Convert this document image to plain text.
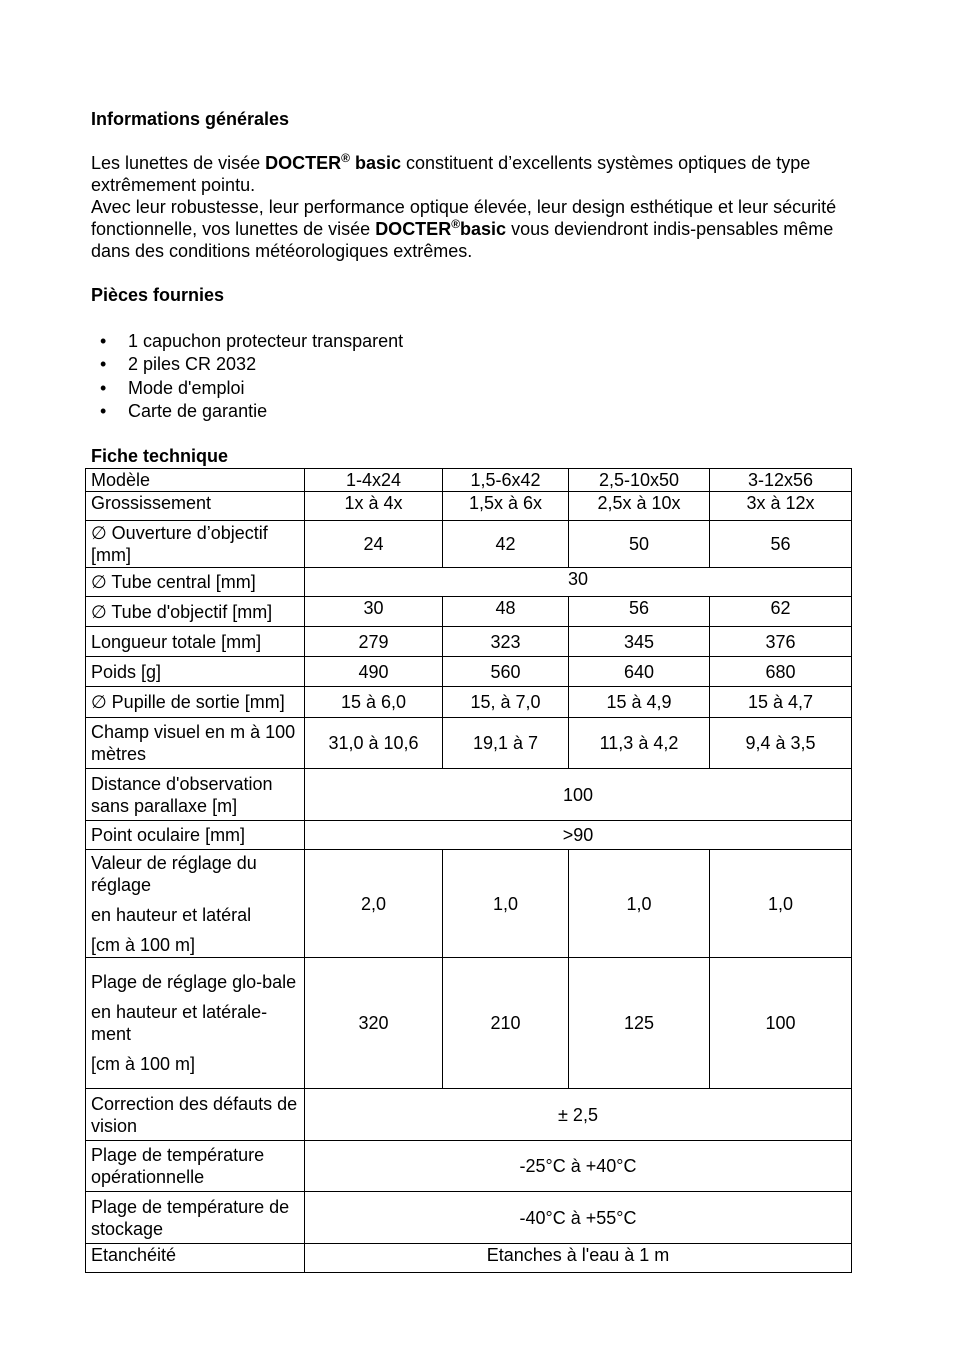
Informations générales

Les lunettes de visée DOCTER® basic constituent d’excellents systèmes optiques de type extrêmement pointu.

Avec leur robustesse, leur performance optique élevée, leur design esthétique et leur sécurité fonctionnelle, vos lunettes de visée DOCTER®basic vous deviendront indis-pensables même dans des conditions météorologiques extrêmes.

Pièces fournies
• 1 capuchon protecteur transparent
• 2 piles CR 2032
• Mode d'emploi
• Carte de garantie
Fiche technique
Modèle	1-4x24	1,5-6x42	2,5-10x50	3-12x56
Grossissement	1x à 4x	1,5x à 6x	2,5x à 10x	3x à 12x
∅ Ouverture d’objectif [mm]	24	42	50	56
∅ Tube central [mm]	30			
∅ Tube d'objectif [mm]	30	48	56	62
Longueur totale [mm]	279	323	345	376
Poids [g]	490	560	640	680
∅ Pupille de sortie [mm]	15 à 6,0	15, à 7,0	15 à 4,9	15 à 4,7
Champ visuel en m à 100 mètres	31,0 à 10,6	19,1 à 7	11,3 à 4,2	9,4 à 3,5
Distance d'observation sans parallaxe [m]	100			
Point oculaire [mm]	>90			

Valeur de réglage du réglage
en hauteur et latéral
[cm à 100 m]	2,0	1,0	1,0	1,0

Plage de réglage glo-bale
en hauteur et latérale-ment
[cm à 100 m]	320	210	125	100
Correction des défauts de vision	± 2,5			
Plage de température opérationnelle	-25°C à +40°C			
Plage de température de stockage	-40°C à +55°C			
Etanchéité	Etanches à l'eau à 1 m			
